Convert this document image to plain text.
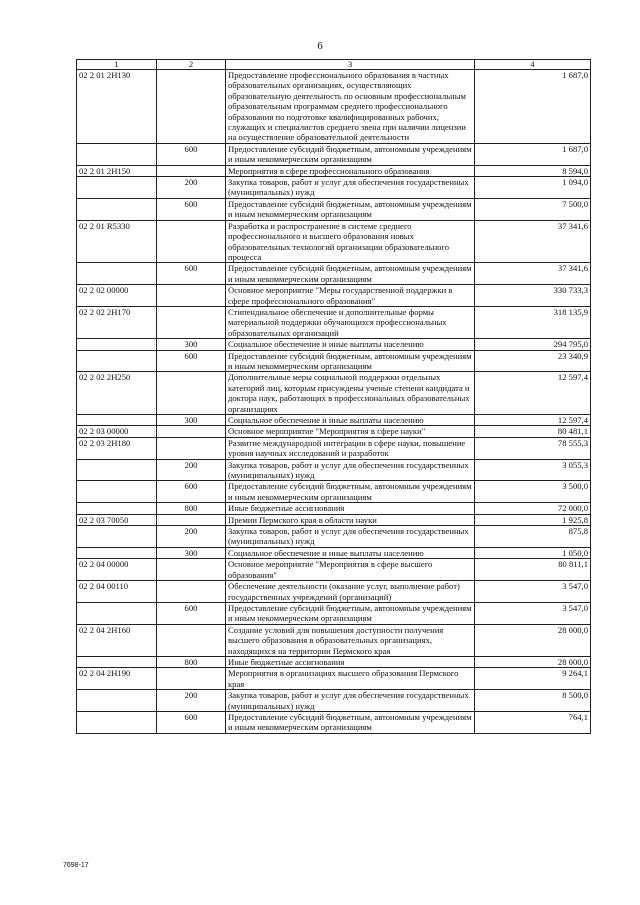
6
1	2	3	4
02 2 01 2Н130		Предоставление профессионального образования в частных образовательных организациях, осуществляющих образовательную деятельность по основным профессиональным образовательным программам среднего профессионального образования по подготовке квалифицированных рабочих, служащих и специалистов среднего звена при наличии лицензии на осуществление образовательной деятельности	1 687,0
	600	Предоставление субсидий бюджетным, автономным учреждениям и иным некоммерческим организациям	1 687,0
02 2 01 2Н150		Мероприятия в сфере профессионального образования	8 594,0
	200	Закупка товаров, работ и услуг для обеспечения государственных (муниципальных) нужд	1 094,0
	600	Предоставление субсидий бюджетным, автономным учреждениям и иным некоммерческим организациям	7 500,0
02 2 01 R5330		Разработка и распространение в системе среднего профессионального и высшего образования новых образовательных технологий организации образовательного процесса	37 341,6
	600	Предоставление субсидий бюджетным, автономным учреждениям и иным некоммерческим организациям	37 341,6
02 2 02 00000		Основное мероприятие "Меры государственной поддержки в сфере профессионального образования"	330 733,3
02 2 02 2Н170		Стипендиальное обеспечение и дополнительные формы материальной поддержки обучающихся профессиональных образовательных организаций	318 135,9
	300	Социальное обеспечение и иные выплаты населению	294 795,0
	600	Предоставление субсидий бюджетным, автономным учреждениям и иным некоммерческим организациям	23 340,9
02 2 02 2Н250		Дополнительные меры социальной поддержки отдельных категорий лиц, которым присуждены ученые степени кандидата и доктора наук, работающих в профессиональных образовательных организациях	12 597,4
	300	Социальное обеспечение и иные выплаты населению	12 597,4
02 2 03 00000		Основное мероприятие "Мероприятия в сфере науки"	80 481,1
02 2 03 2Н180		Развитие международной интеграции в сфере науки, повышение уровня научных исследований и разработок	78 555,3
	200	Закупка товаров, работ и услуг для обеспечения государственных (муниципальных) нужд	3 055,3
	600	Предоставление субсидий бюджетным, автономным учреждениям и иным некоммерческим организациям	3 500,0
	800	Иные бюджетные ассигнования	72 000,0
02 2 03 70050		Премии Пермского края в области науки	1 925,8
	200	Закупка товаров, работ и услуг для обеспечения государственных (муниципальных) нужд	875,8
	300	Социальное обеспечение и иные выплаты населению	1 050,0
02 2 04 00000		Основное мероприятие "Мероприятия в сфере высшего образования"	80 811,1
02 2 04 00110		Обеспечение деятельности (оказание услуг, выполнение работ) государственных учреждений (организаций)	3 547,0
	600	Предоставление субсидий бюджетным, автономным учреждениям и иным некоммерческим организациям	3 547,0
02 2 04 2Н160		Создание условий для повышения доступности получения высшего образования в образовательных организациях, находящихся на территории Пермского края	28 000,0
	800	Иные бюджетные ассигнования	28 000,0
02 2 04 2Н190		Мероприятия в организациях высшего образования Пермского края	9 264,1
	200	Закупка товаров, работ и услуг для обеспечения государственных (муниципальных) нужд	8 500,0
	600	Предоставление субсидий бюджетным, автономным учреждениям и иным некоммерческим организациям	764,1
7698-17
